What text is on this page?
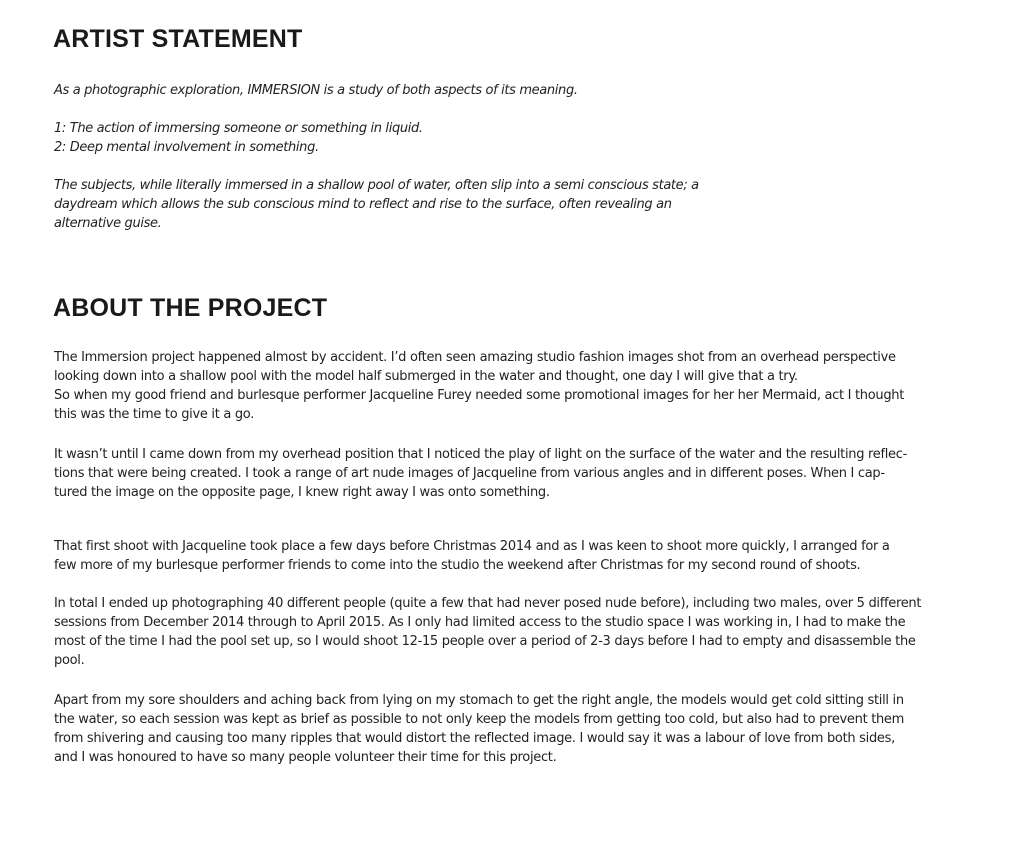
ARTIST STATEMENT

As a photographic exploration, IMMERSION is a study of both aspects of its meaning.

1: The action of immersing someone or something in liquid.

2: Deep mental involvement in something.

The subjects, while literally immersed in a shallow pool of water, often slip into a semi conscious state; a

daydream which allows the sub conscious mind to reflect and rise to the surface, often revealing an

alternative guise.

ABOUT THE PROJECT

The Immersion project happened almost by accident. I’d often seen amazing studio fashion images shot from an overhead perspective

looking down into a shallow pool with the model half submerged in the water and thought, one day I will give that a try.

So when my good friend and burlesque performer Jacqueline Furey needed some promotional images for her her Mermaid, act I thought

this was the time to give it a go.

It wasn’t until I came down from my overhead position that I noticed the play of light on the surface of the water and the resulting reflec-

tions that were being created. I took a range of art nude images of Jacqueline from various angles and in different poses. When I cap-

tured the image on the opposite page, I knew right away I was onto something.

That first shoot with Jacqueline took place a few days before Christmas 2014 and as I was keen to shoot more quickly, I arranged for a

few more of my burlesque performer friends to come into the studio the weekend after Christmas for my second round of shoots.

In total I ended up photographing 40 different people (quite a few that had never posed nude before), including two males, over 5 different

sessions from December 2014 through to April 2015. As I only had limited access to the studio space I was working in, I had to make the

most of the time I had the pool set up, so I would shoot 12-15 people over a period of 2-3 days before I had to empty and disassemble the

pool.

Apart from my sore shoulders and aching back from lying on my stomach to get the right angle, the models would get cold sitting still in

the water, so each session was kept as brief as possible to not only keep the models from getting too cold, but also had to prevent them

from shivering and causing too many ripples that would distort the reflected image. I would say it was a labour of love from both sides,

and I was honoured to have so many people volunteer their time for this project.
